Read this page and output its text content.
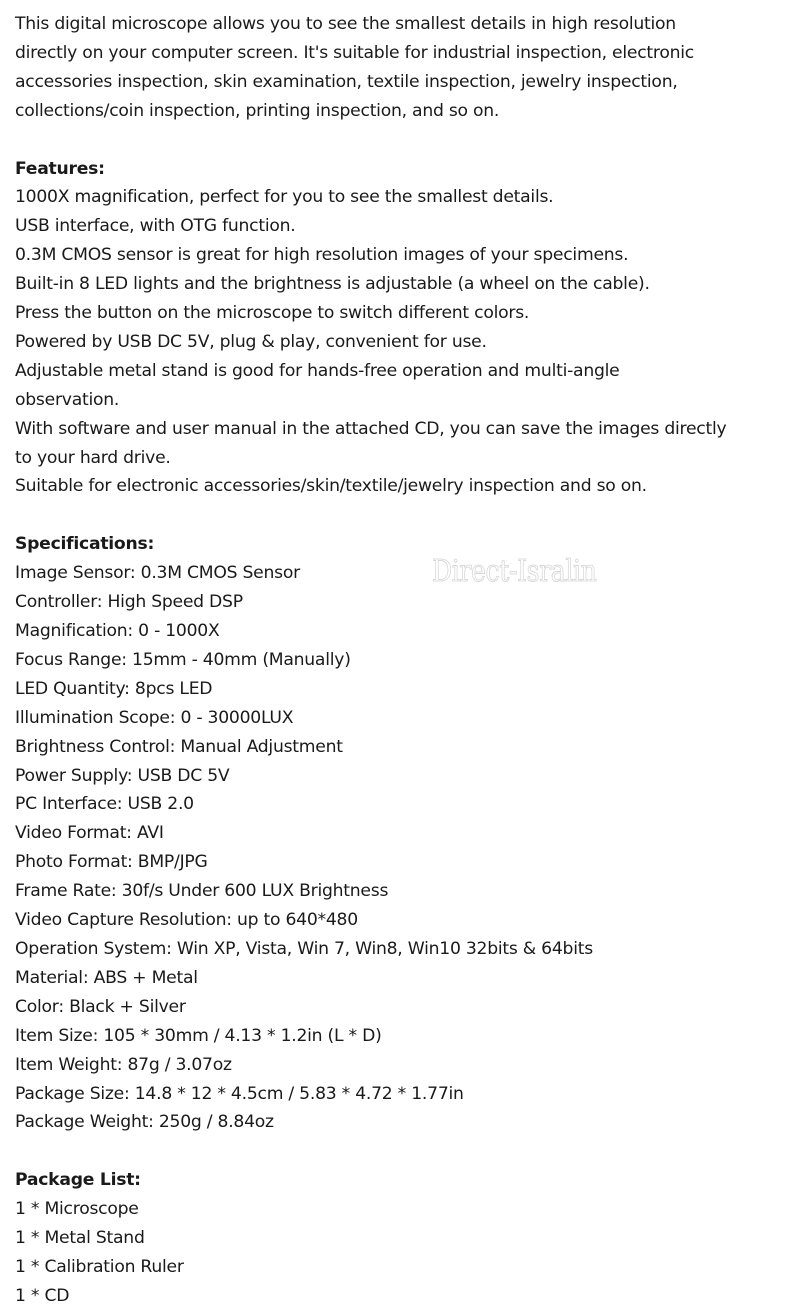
This digital microscope allows you to see the smallest details in high resolution
directly on your computer screen. It's suitable for industrial inspection, electronic
accessories inspection, skin examination, textile inspection, jewelry inspection,
collections/coin inspection, printing inspection, and so on.
Features:
1000X magnification, perfect for you to see the smallest details.
USB interface, with OTG function.
0.3M CMOS sensor is great for high resolution images of your specimens.
Built-in 8 LED lights and the brightness is adjustable (a wheel on the cable).
Press the button on the microscope to switch different colors.
Powered by USB DC 5V, plug & play, convenient for use.
Adjustable metal stand is good for hands-free operation and multi-angle
observation.
With software and user manual in the attached CD, you can save the images directly
to your hard drive.
Suitable for electronic accessories/skin/textile/jewelry inspection and so on.
Specifications:
Image Sensor: 0.3M CMOS Sensor
Controller: High Speed DSP
Magnification: 0 - 1000X
Focus Range: 15mm - 40mm (Manually)
LED Quantity: 8pcs LED
Illumination Scope: 0 - 30000LUX
Brightness Control: Manual Adjustment
Power Supply: USB DC 5V
PC Interface: USB 2.0
Video Format: AVI
Photo Format: BMP/JPG
Frame Rate: 30f/s Under 600 LUX Brightness
Video Capture Resolution: up to 640*480
Operation System: Win XP, Vista, Win 7, Win8, Win10 32bits & 64bits
Material: ABS + Metal
Color: Black + Silver
Item Size: 105 * 30mm / 4.13 * 1.2in (L * D)
Item Weight: 87g / 3.07oz
Package Size: 14.8 * 12 * 4.5cm / 5.83 * 4.72 * 1.77in
Package Weight: 250g / 8.84oz
Package List:
1 * Microscope
1 * Metal Stand
1 * Calibration Ruler
1 * CD
Direct-Isralin
